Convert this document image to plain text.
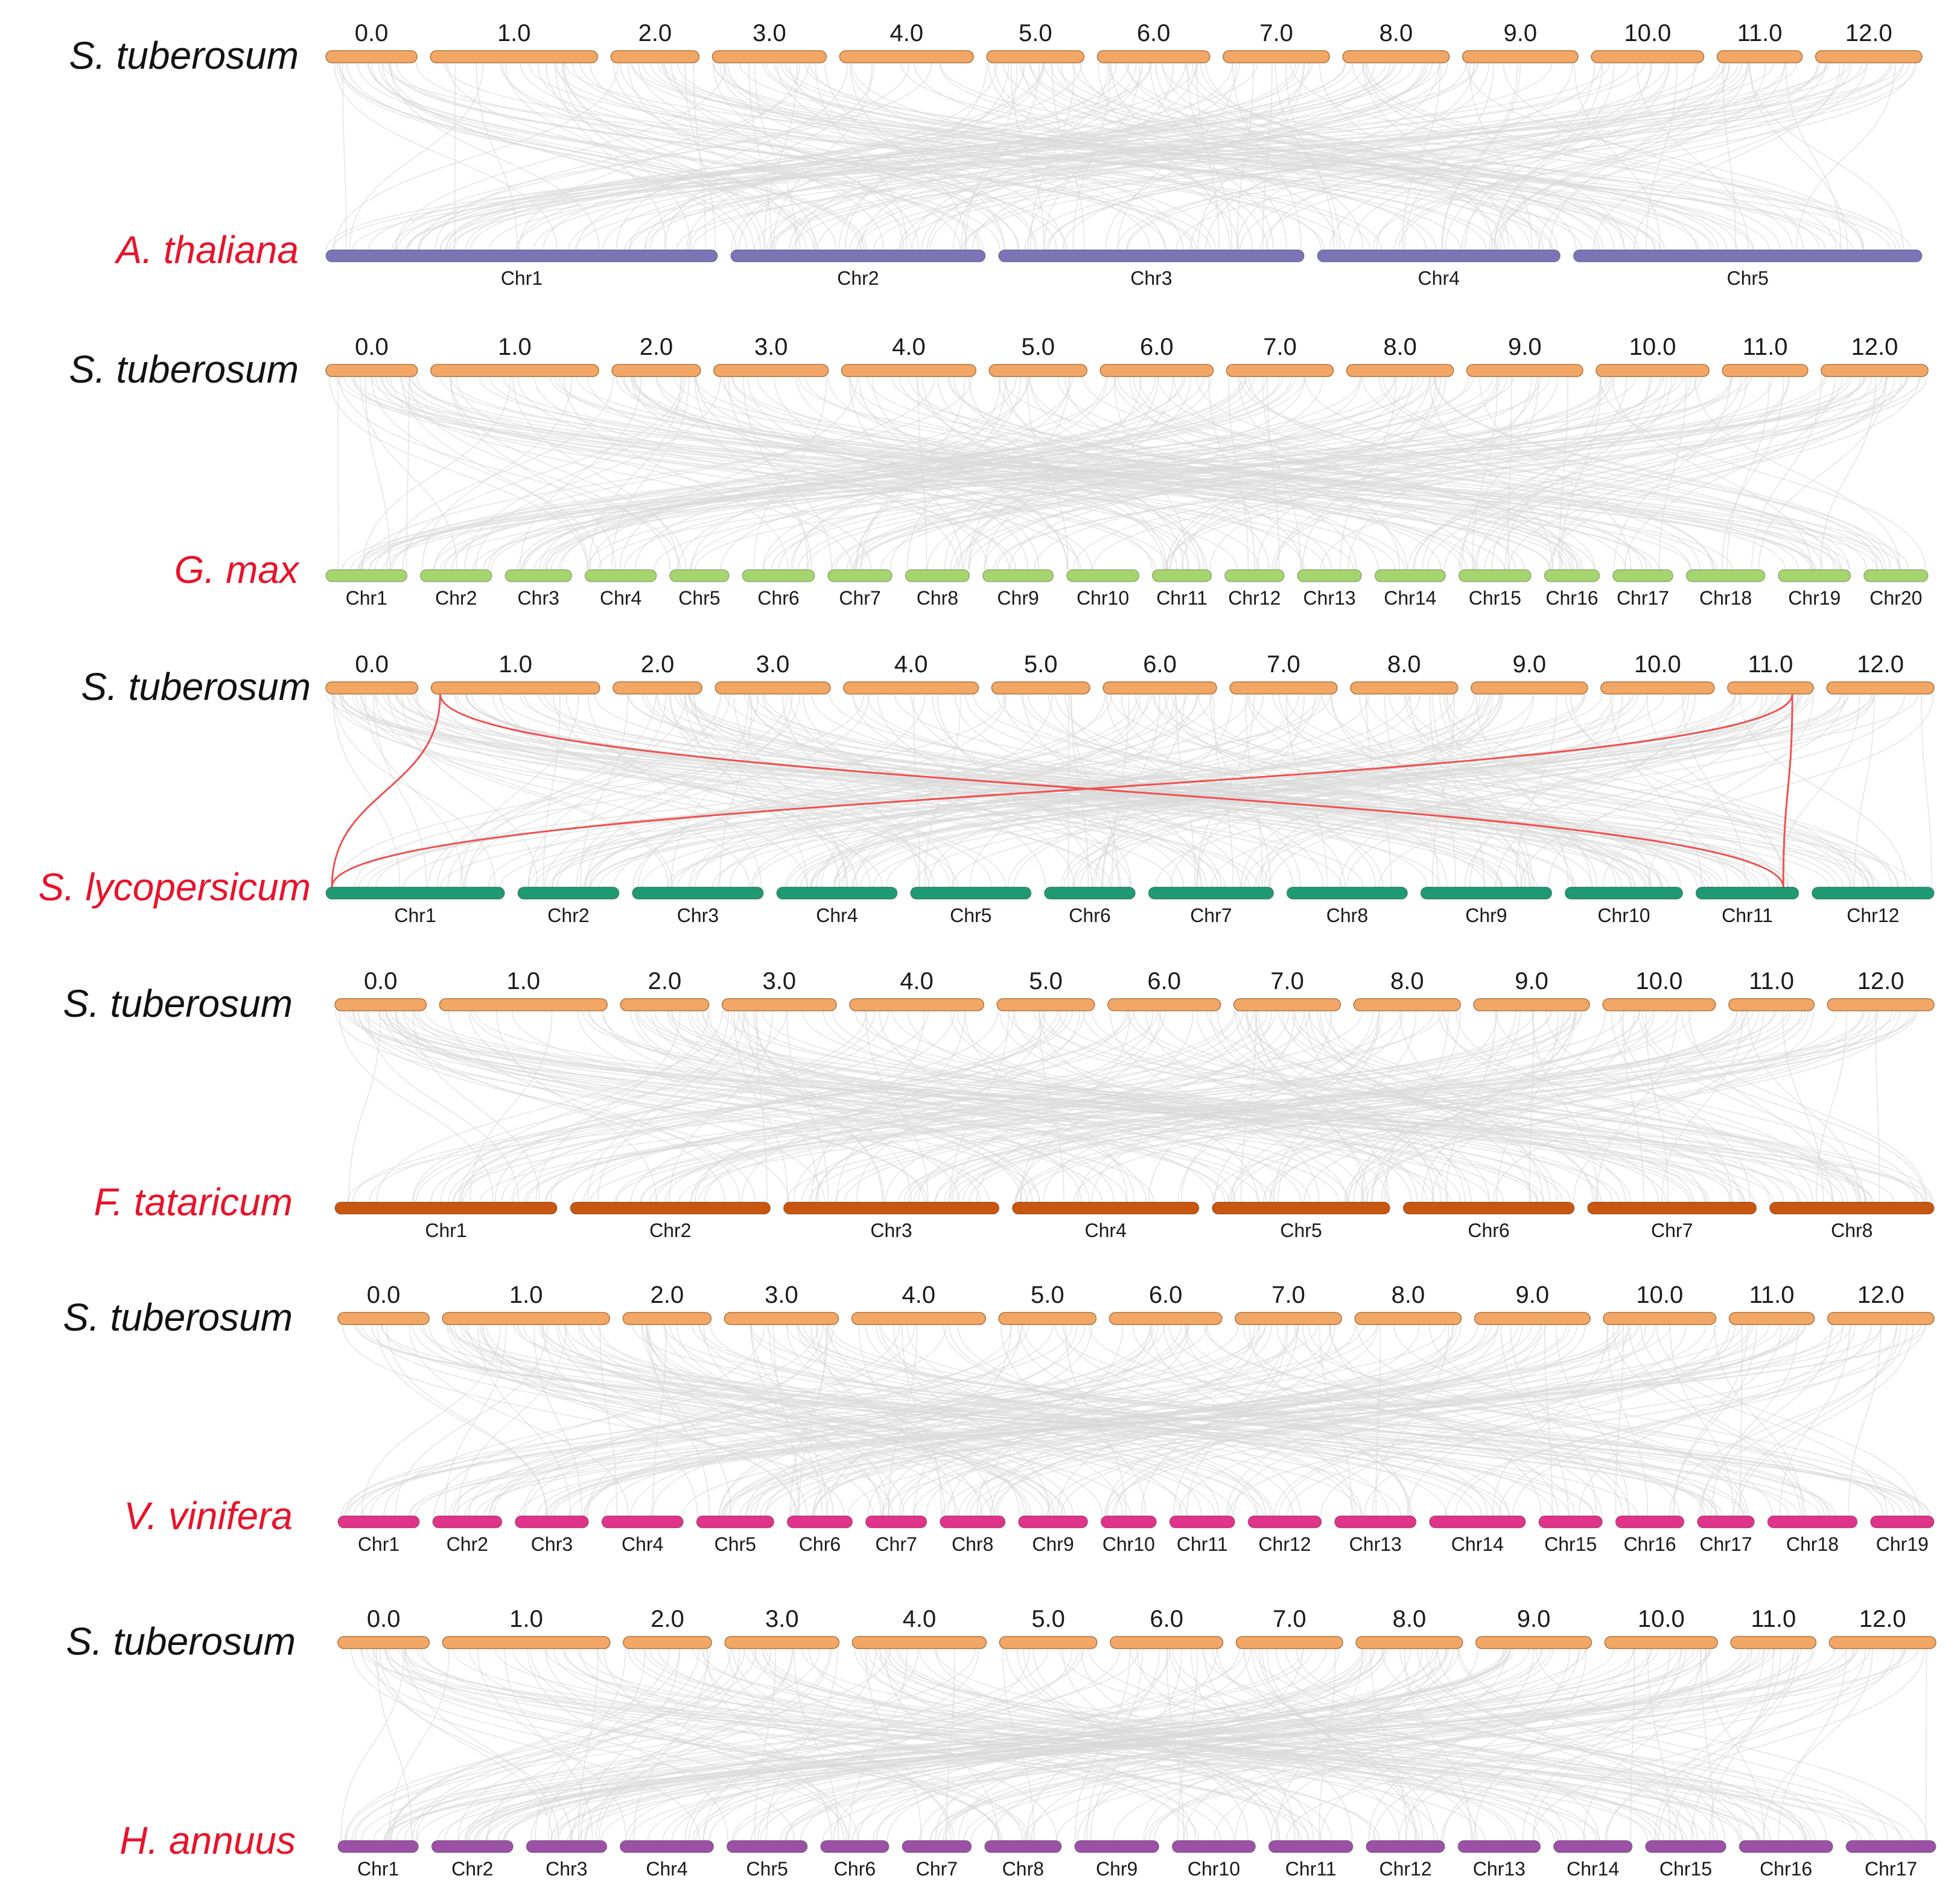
0.0	1.0	2.0	3.0	4.0	5.0	6.0	7.0	8.0	9.0	10.0	11.0	12.0
Chr1	Chr2	Chr3	Chr4	Chr5
S. tuberosum
A. thaliana
0.0	1.0	2.0	3.0	4.0	5.0	6.0	7.0	8.0	9.0	10.0	11.0	12.0
Chr1 Chr2 Chr3 Chr4 Chr5 Chr6 Chr7 Chr8 Chr9 Chr10 Chr11 Chr12 Chr13 Chr14 Chr15 Chr16 Chr17 Chr18 Chr19 Chr20
S. tuberosum
G. max
0.0	1.0	2.0	3.0	4.0	5.0	6.0	7.0	8.0	9.0	10.0	11.0	12.0
Chr1	Chr2	Chr3	Chr4	Chr5	Chr6	Chr7	Chr8	Chr9	Chr10	Chr11	Chr12
S. tuberosum
S. lycopersicum
0.0	1.0	2.0	3.0	4.0	5.0	6.0	7.0	8.0	9.0	10.0	11.0	12.0
Chr1	Chr2	Chr3	Chr4	Chr5	Chr6	Chr7	Chr8
S. tuberosum
F. tataricum
0.0	1.0	2.0	3.0	4.0	5.0	6.0	7.0	8.0	9.0	10.0	11.0	12.0
Chr1 Chr2 Chr3	Chr4	Chr5 Chr6 Chr7 Chr8 Chr9 Chr10 Chr11 Chr12 Chr13	Chr14 Chr15 Chr16 Chr17 Chr18 Chr19
S. tuberosum
V. vinifera
0.0	1.0	2.0	3.0	4.0	5.0	6.0	7.0	8.0	9.0	10.0	11.0	12.0
Chr1	Chr2	Chr3	Chr4	Chr5 Chr6 Chr7 Chr8	Chr9	Chr10 Chr11 Chr12 Chr13 Chr14 Chr15 Chr16	Chr17
S. tuberosum
H. annuus
